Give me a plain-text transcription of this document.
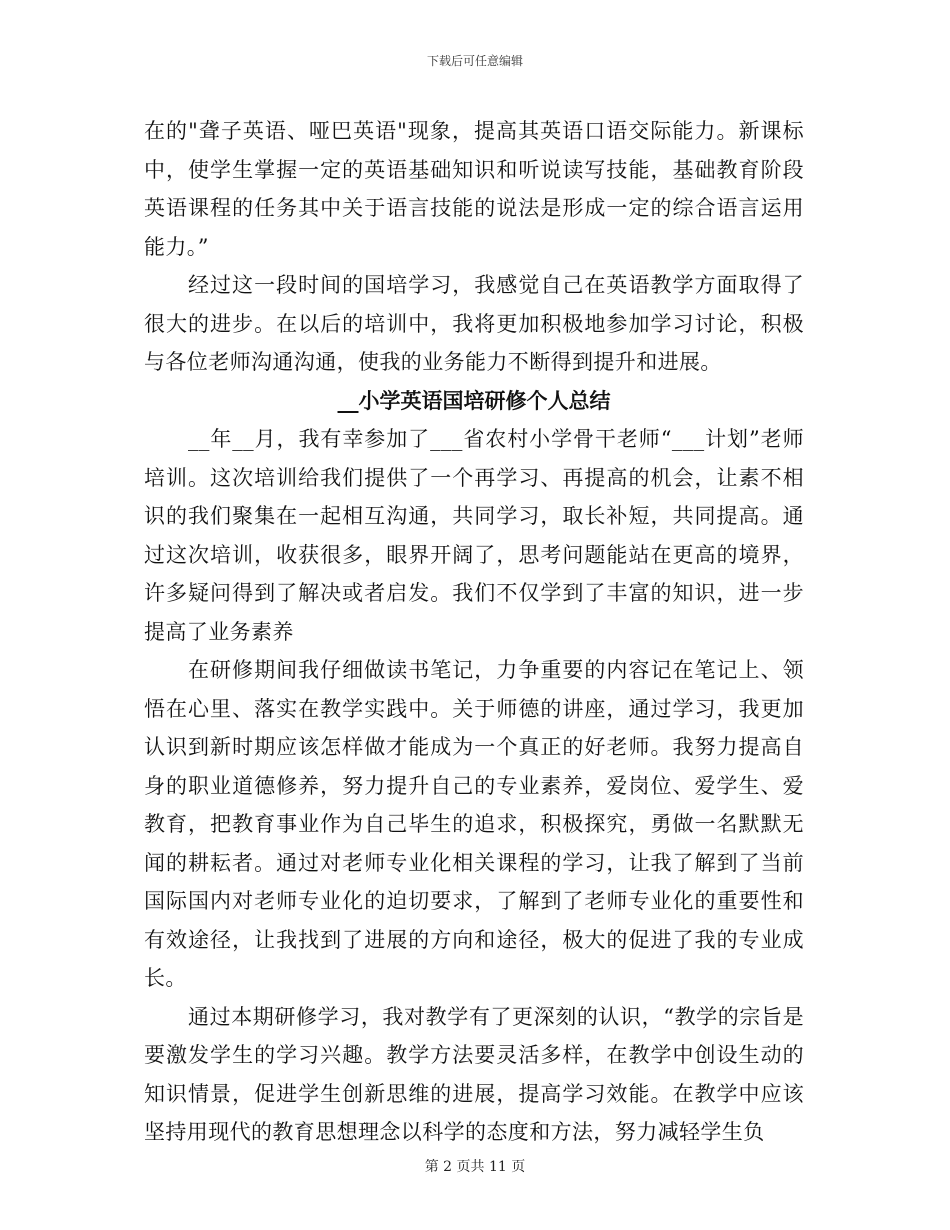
下载后可任意编辑

在的"聋子英语、哑巴英语"现象，提高其英语口语交际能力。新课标中，使学生掌握一定的英语基础知识和听说读写技能，基础教育阶段英语课程的任务其中关于语言技能的说法是形成一定的综合语言运用能力。”

经过这一段时间的国培学习，我感觉自己在英语教学方面取得了很大的进步。在以后的培训中，我将更加积极地参加学习讨论，积极与各位老师沟通沟通，使我的业务能力不断得到提升和进展。

__小学英语国培研修个人总结

__年__月，我有幸参加了___省农村小学骨干老师“___计划”老师培训。这次培训给我们提供了一个再学习、再提高的机会，让素不相识的我们聚集在一起相互沟通，共同学习，取长补短，共同提高。通过这次培训，收获很多，眼界开阔了，思考问题能站在更高的境界，许多疑问得到了解决或者启发。我们不仅学到了丰富的知识，进一步提高了业务素养

在研修期间我仔细做读书笔记，力争重要的内容记在笔记上、领悟在心里、落实在教学实践中。关于师德的讲座，通过学习，我更加认识到新时期应该怎样做才能成为一个真正的好老师。我努力提高自身的职业道德修养，努力提升自己的专业素养，爱岗位、爱学生、爱教育，把教育事业作为自己毕生的追求，积极探究，勇做一名默默无闻的耕耘者。通过对老师专业化相关课程的学习，让我了解到了当前国际国内对老师专业化的迫切要求，了解到了老师专业化的重要性和有效途径，让我找到了进展的方向和途径，极大的促进了我的专业成长。

通过本期研修学习，我对教学有了更深刻的认识，“教学的宗旨是要激发学生的学习兴趣。教学方法要灵活多样，在教学中创设生动的知识情景，促进学生创新思维的进展，提高学习效能。在教学中应该坚持用现代的教育思想理念以科学的态度和方法，努力减轻学生负

第 2 页共 11 页
